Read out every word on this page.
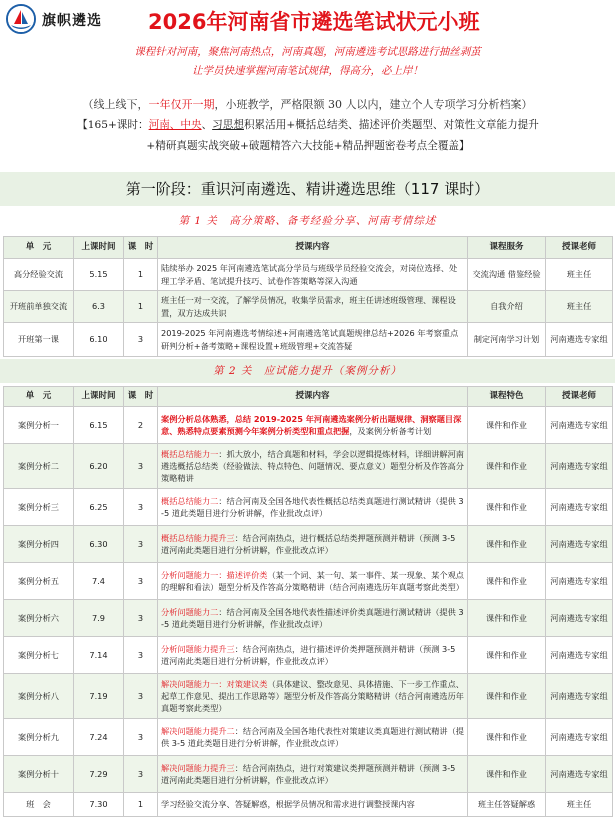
旗帜遴选 2026年河南省市遴选笔试状元小班
课程针对河南，聚焦河南热点，河南真题，河南遴选考试思路进行抽丝剥茧
让学员快速掌握河南笔试规律，得高分，必上岸！
（线上线下，一年仅开一期，小班教学，严格限额 30 人以内，建立个人专项学习分析档案）
【165+课时：河南、中央、习思想积累活用+概括总结类、描述评价类题型、对策性文章能力提升
+精研真题实战突破+破题精答六大技能+精品押题密卷考点全覆盖】
第一阶段：重识河南遴选、精讲遴选思维（117 课时）
第 1 关　高分策略、备考经验分享、河南考情综述
单　元	上课时间	课　时	授课内容	课程服务	授课老师
高分经验交流	5.15	1	陆续举办 2025 年河南遴选笔试高分学员与班级学员经验交流会，对岗位选择、处理工学矛盾、笔试提升技巧、试卷作答策略等深入沟通	交流沟通 借鉴经验	班主任
开班前单独交流	6.3	1	班主任一对一交流，了解学员情况，收集学员需求，班主任讲述班级管理、课程设置，双方达成共识	自我介绍	班主任
开班第一课	6.10	3	2019-2025 年河南遴选考情综述+河南遴选笔试真题规律总结+2026 年考察重点研判分析+备考策略+课程设置+班级管理+交流答疑	制定河南学习计划	河南遴选专家组
第 2 关　应试能力提升（案例分析）
单　元	上课时间	课　时	授课内容	课程特色	授课老师
案例分析一	6.15	2	案例分析总体熟悉，总结 2019-2025 年河南遴选案例分析出题规律、洞察题目深意、熟悉特点要素预测今年案例分析类型和重点把握，及案例分析备考计划	课件和作业	河南遴选专家组
案例分析二	6.20	3	概括总结能力一：抓大放小，结合真题和材料，学会以逻辑提炼材料，详细讲解河南遴选概括总结类（经验做法、特点特色、问题情况、要点意义）题型分析及作答高分策略精讲	课件和作业	河南遴选专家组
案例分析三	6.25	3	概括总结能力二：结合河南及全国各地代表性概括总结类真题进行测试精讲（提供 3-5 道此类题目进行分析讲解，作业批改点评）	课件和作业	河南遴选专家组
案例分析四	6.30	3	概括总结能力提升三：结合河南热点，进行概括总结类押题预测并精讲（预测 3-5 道河南此类题目进行分析讲解，作业批改点评）	课件和作业	河南遴选专家组
案例分析五	7.4	3	分析问题能力一：描述评价类（某一个词、某一句、某一事件、某一现象、某个观点的理解和看法）题型分析及作答高分策略精讲（结合河南遴选历年真题考察此类型）	课件和作业	河南遴选专家组
案例分析六	7.9	3	分析问题能力二：结合河南及全国各地代表性描述评价类真题进行测试精讲（提供 3-5 道此类题目进行分析讲解，作业批改点评）	课件和作业	河南遴选专家组
案例分析七	7.14	3	分析问题能力提升三：结合河南热点，进行描述评价类押题预测并精讲（预测 3-5 道河南此类题目进行分析讲解，作业批改点评）	课件和作业	河南遴选专家组
案例分析八	7.19	3	解决问题能力一：对策建议类（具体建议、整改意见、具体措施、下一步工作重点、起草工作意见、提出工作思路等）题型分析及作答高分策略精讲（结合河南遴选历年真题考察此类型）	课件和作业	河南遴选专家组
案例分析九	7.24	3	解决问题能力提升二：结合河南及全国各地代表性对策建议类真题进行测试精讲（提供 3-5 道此类题目进行分析讲解，作业批改点评）	课件和作业	河南遴选专家组
案例分析十	7.29	3	解决问题能力提升三：结合河南热点，进行对策建议类押题预测并精讲（预测 3-5 道河南此类题目进行分析讲解，作业批改点评）	课件和作业	河南遴选专家组
班　会	7.30	1	学习经验交流分享、答疑解惑，根据学员情况和需求进行调整授课内容	班主任答疑解惑	班主任
